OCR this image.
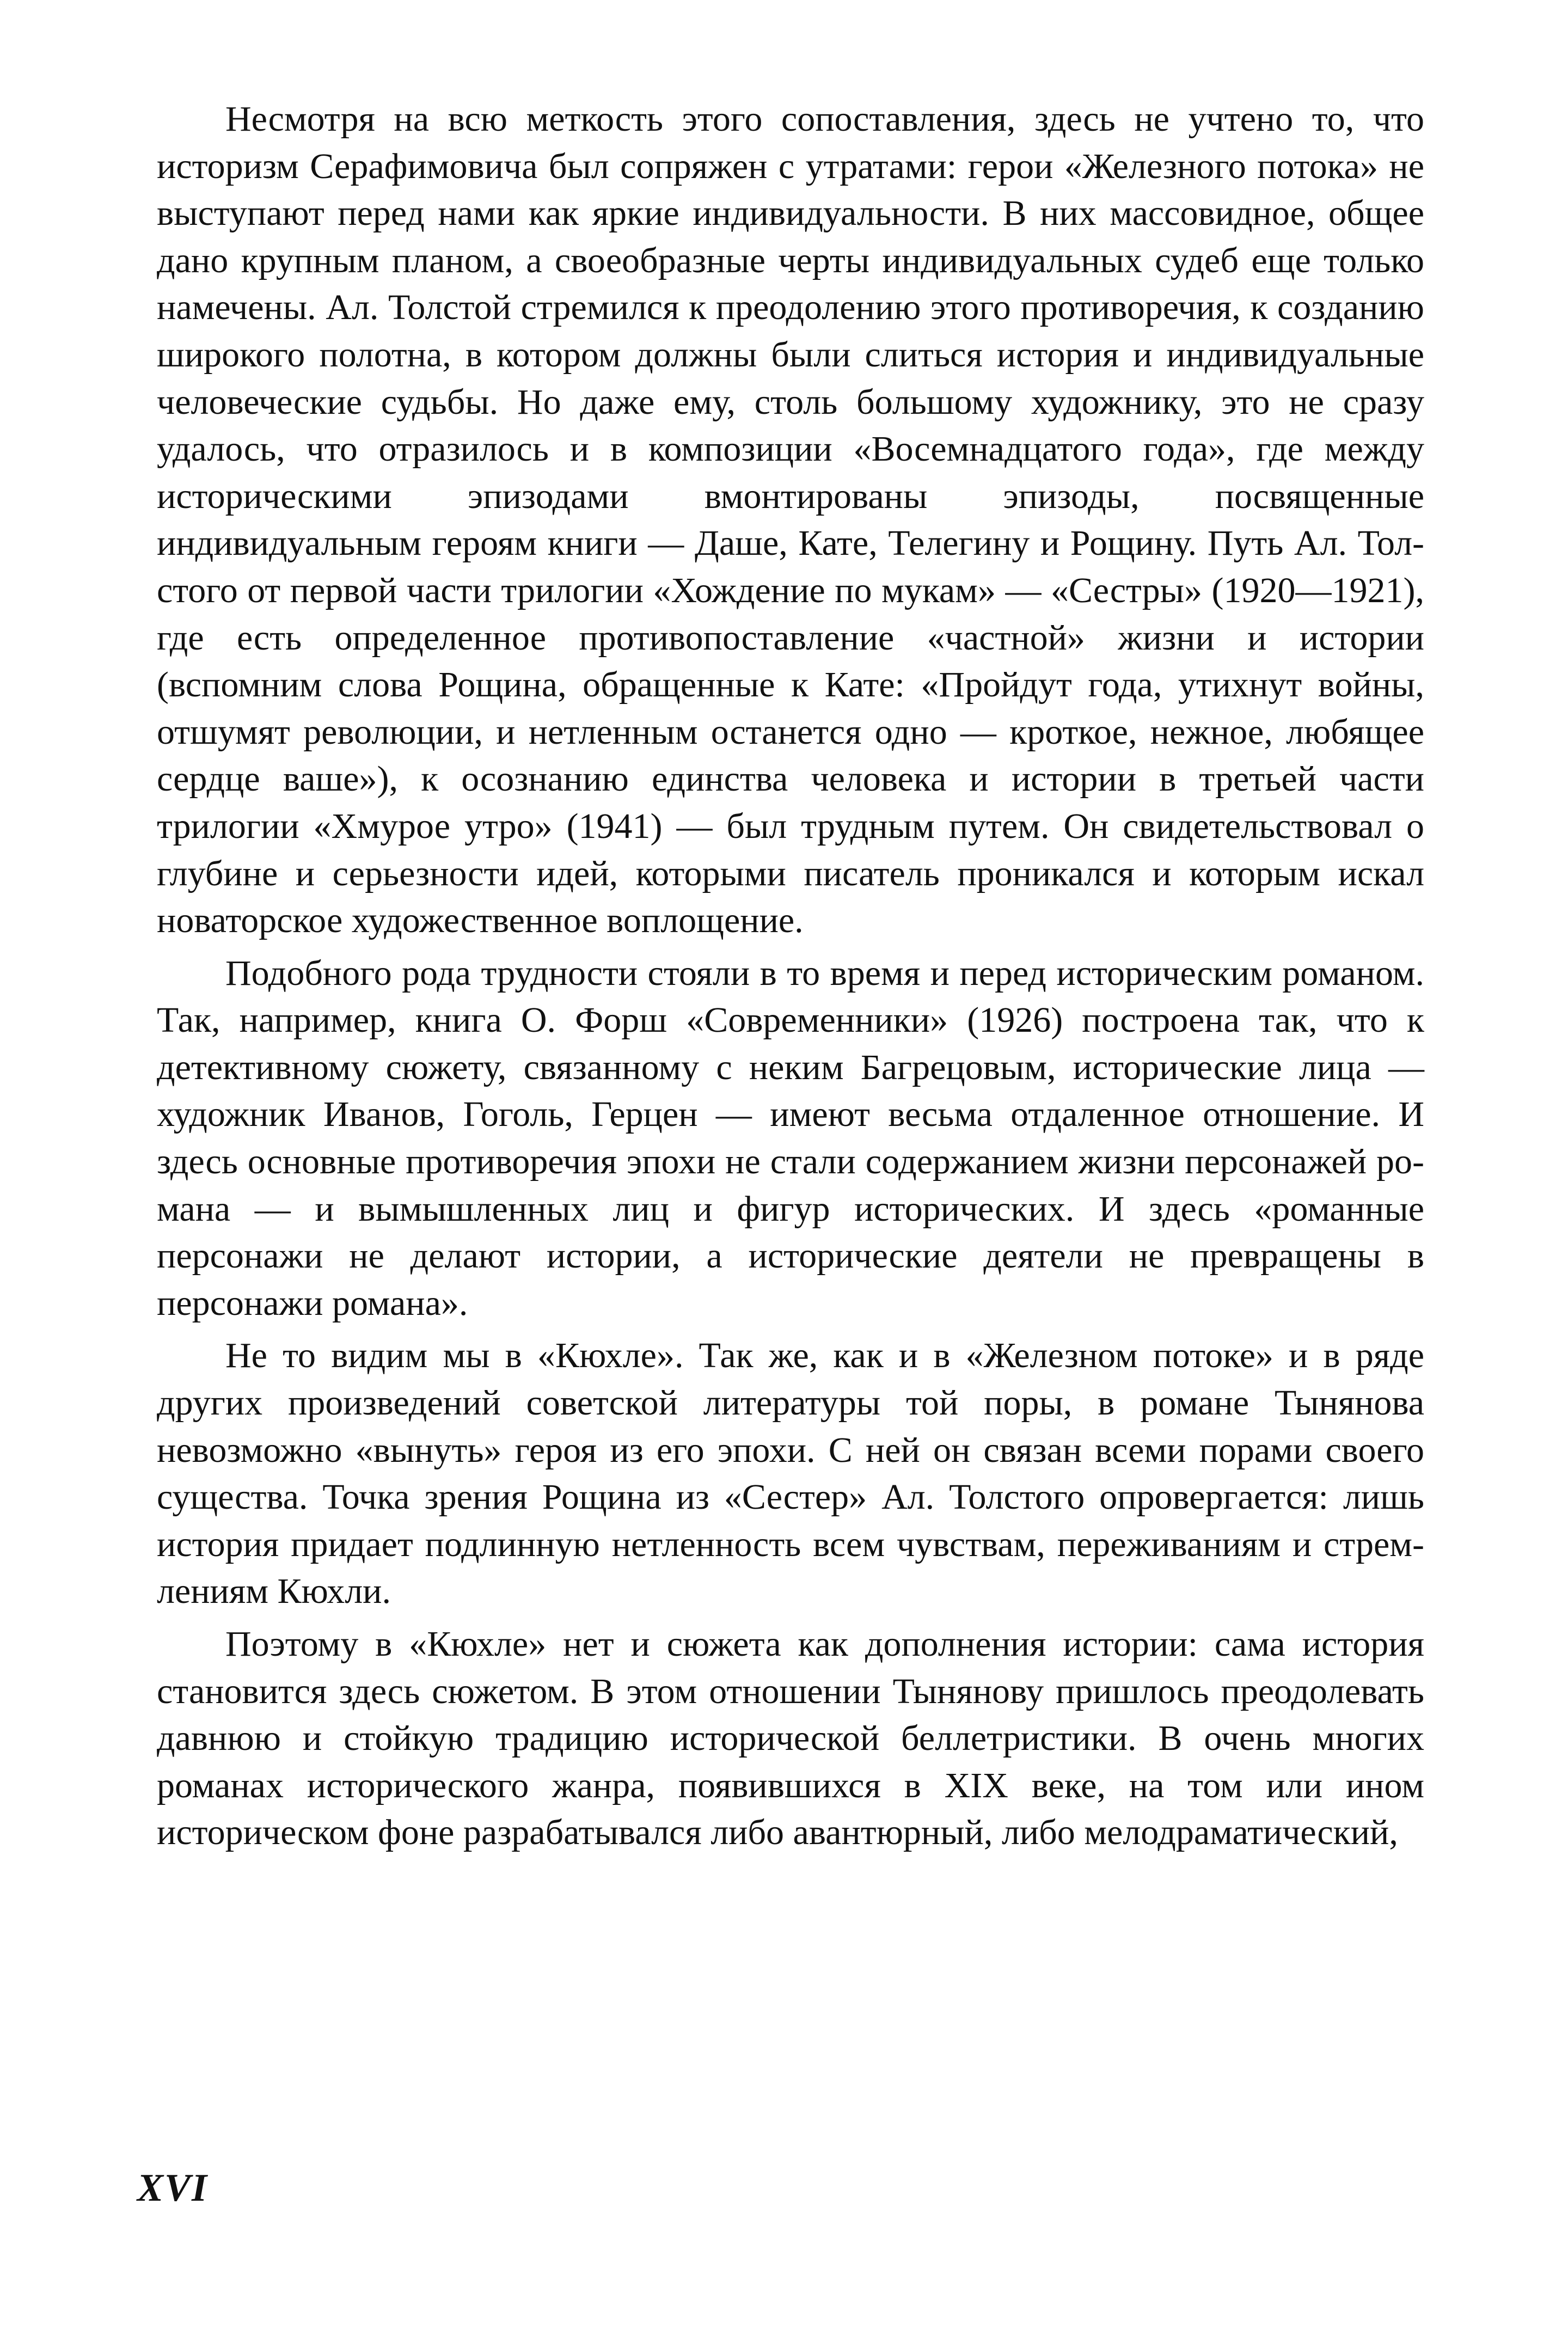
Несмотря на всю меткость этого сопоставления, здесь не учтено то, что историзм Серафимовича был сопряжен с утратами: герои «Железного потока» не выступают перед нами как яркие индивидуальности. В них массовидное, общее дано крупным планом, а своеобразные черты индивидуальных судеб еще только намечены. Ал. Толстой стремился к преодолению этого противоречия, к созданию широкого полотна, в котором должны были слиться история и индивидуальные человеческие судьбы. Но даже ему, столь большому художнику, это не сразу удалось, что отразилось и в композиции «Восемнадцатого года», где между историческими эпизодами вмонтированы эпизоды, посвященные индивидуальным героям книги — Даше, Кате, Телегину и Рощину. Путь Ал. Толстого от первой части трилогии «Хождение по мукам» — «Сестры» (1920—1921), где есть определенное противопоставление «частной» жизни и истории (вспомним слова Рощина, обращенные к Кате: «Пройдут года, утихнут войны, отшумят революции, и нетленным останется одно — кроткое, нежное, любящее сердце ваше»), к осознанию единства человека и истории в третьей части трилогии «Хмурое утро» (1941) — был трудным путем. Он свидетельствовал о глубине и серьезности идей, которыми писатель проникался и которым искал новаторское художественное воплощение.

Подобного рода трудности стояли в то время и перед историческим романом. Так, например, книга О. Форш «Современники» (1926) построена так, что к детективному сюжету, связанному с неким Багрецовым, исторические лица — художник Иванов, Гоголь, Герцен — имеют весьма отдаленное отношение. И здесь основные противоречия эпохи не стали содержанием жизни персонажей романа — и вымышленных лиц и фигур исторических. И здесь «романные персонажи не делают истории, а исторические деятели не превращены в персонажи романа».

Не то видим мы в «Кюхле». Так же, как и в «Железном потоке» и в ряде других произведений советской литературы той поры, в романе Тынянова невозможно «вынуть» героя из его эпохи. С ней он связан всеми порами своего существа. Точка зрения Рощина из «Сестер» Ал. Толстого опровергается: лишь история придает подлинную нетленность всем чувствам, переживаниям и стремлениям Кюхли.

Поэтому в «Кюхле» нет и сюжета как дополнения истории: сама история становится здесь сюжетом. В этом отношении Тынянову пришлось преодолевать давнюю и стойкую традицию исторической беллетристики. В очень многих романах исторического жанра, появившихся в XIX веке, на том или ином историческом фоне разрабатывался либо авантюрный, либо мелодраматический,

XVI
